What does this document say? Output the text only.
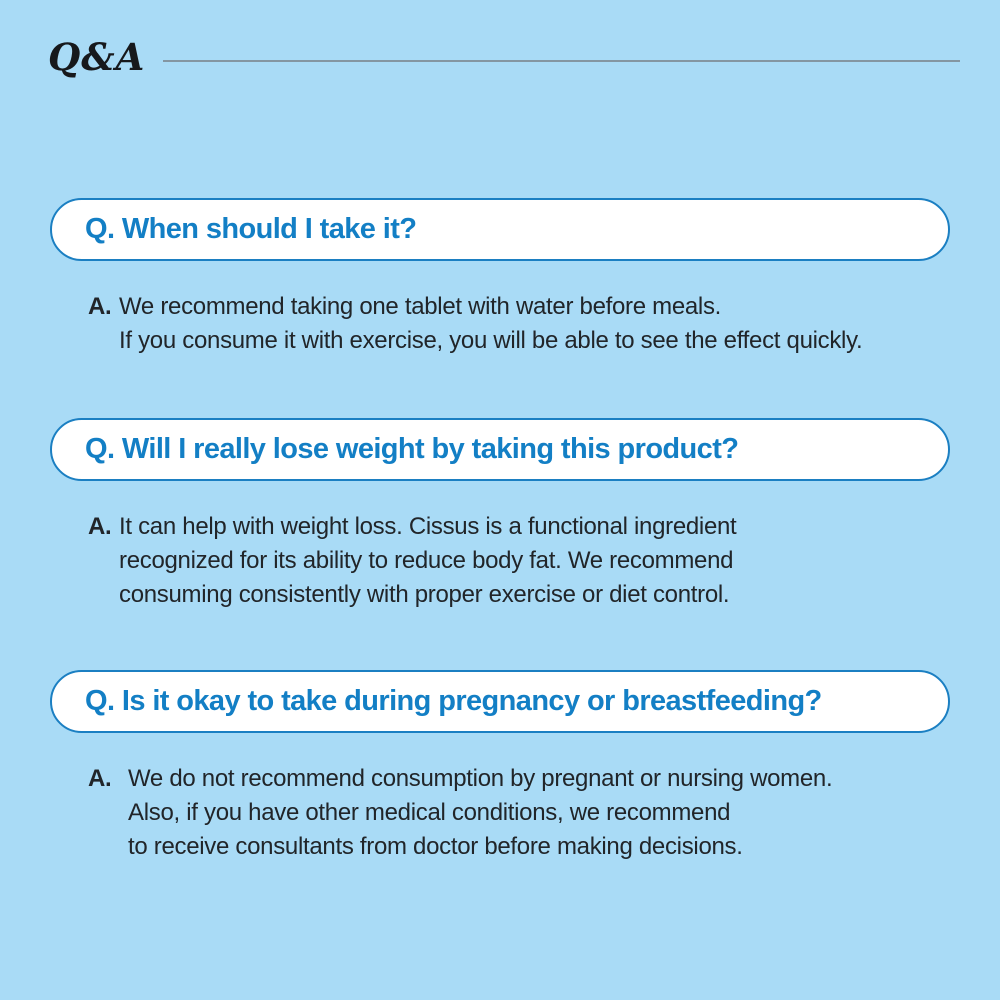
Q&A
Q. When should I take it?
A. We recommend taking one tablet with water before meals.
If you consume it with exercise, you will be able to see the effect quickly.
Q. Will I really lose weight by taking this product?
A. It can help with weight loss. Cissus is a functional ingredient
recognized for its ability to reduce body fat. We recommend
consuming consistently with proper exercise or diet control.
Q. Is it okay to take during pregnancy or breastfeeding?
A. We do not recommend consumption by pregnant or nursing women.
Also, if you have other medical conditions, we recommend
to receive consultants from doctor before making decisions.
